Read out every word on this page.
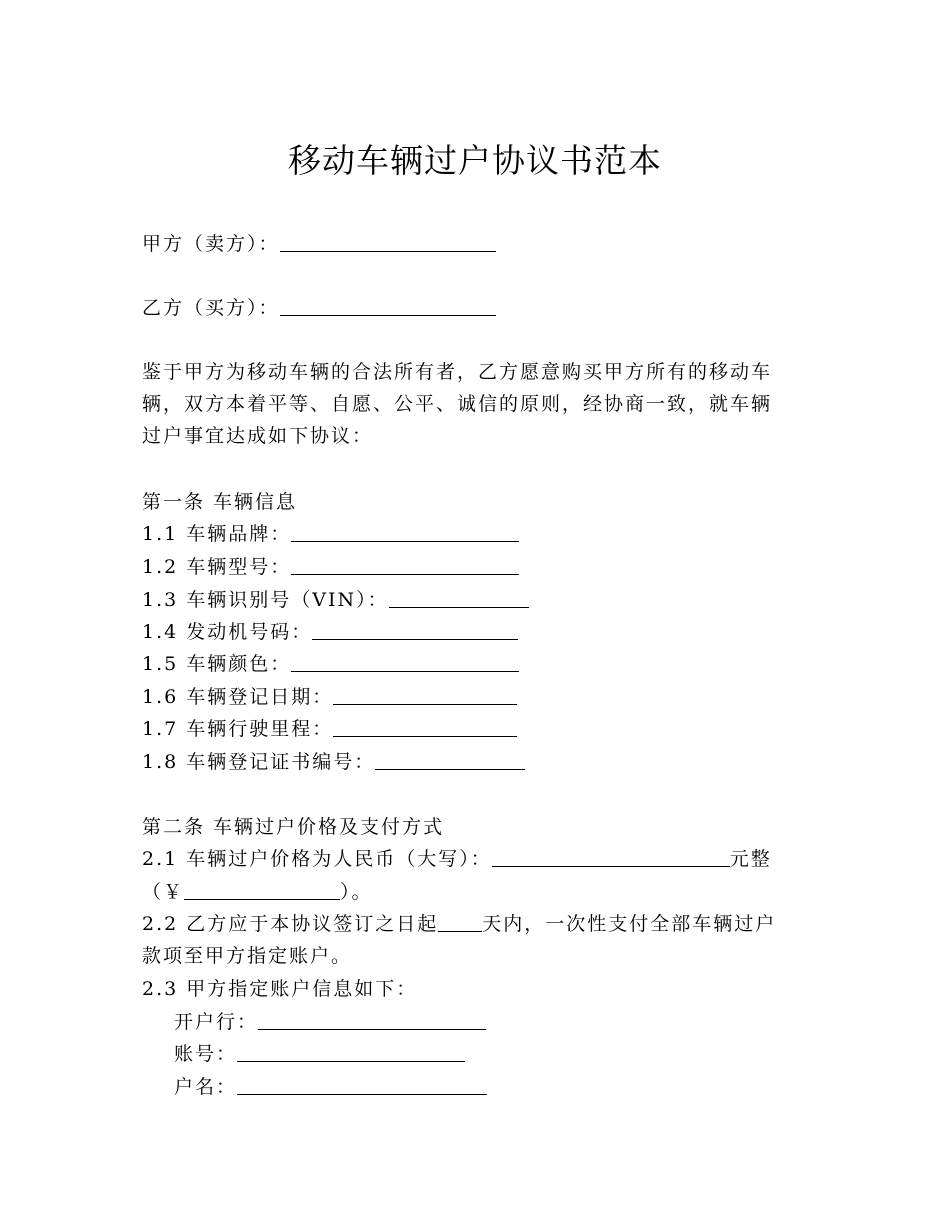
移动车辆过户协议书范本
甲方（卖方）：
乙方（买方）：
鉴于甲方为移动车辆的合法所有者，乙方愿意购买甲方所有的移动车
辆，双方本着平等、自愿、公平、诚信的原则，经协商一致，就车辆
过户事宜达成如下协议：
第一条 车辆信息
1.1 车辆品牌：
1.2 车辆型号：
1.3 车辆识别号（VIN）：
1.4 发动机号码：
1.5 车辆颜色：
1.6 车辆登记日期：
1.7 车辆行驶里程：
1.8 车辆登记证书编号：
第二条 车辆过户价格及支付方式
2.1 车辆过户价格为人民币（大写）：	元整
（￥	）。
2.2 乙方应于本协议签订之日起 天内，一次性支付全部车辆过户
款项至甲方指定账户。
2.3 甲方指定账户信息如下：
开户行：
账号：
户名：
